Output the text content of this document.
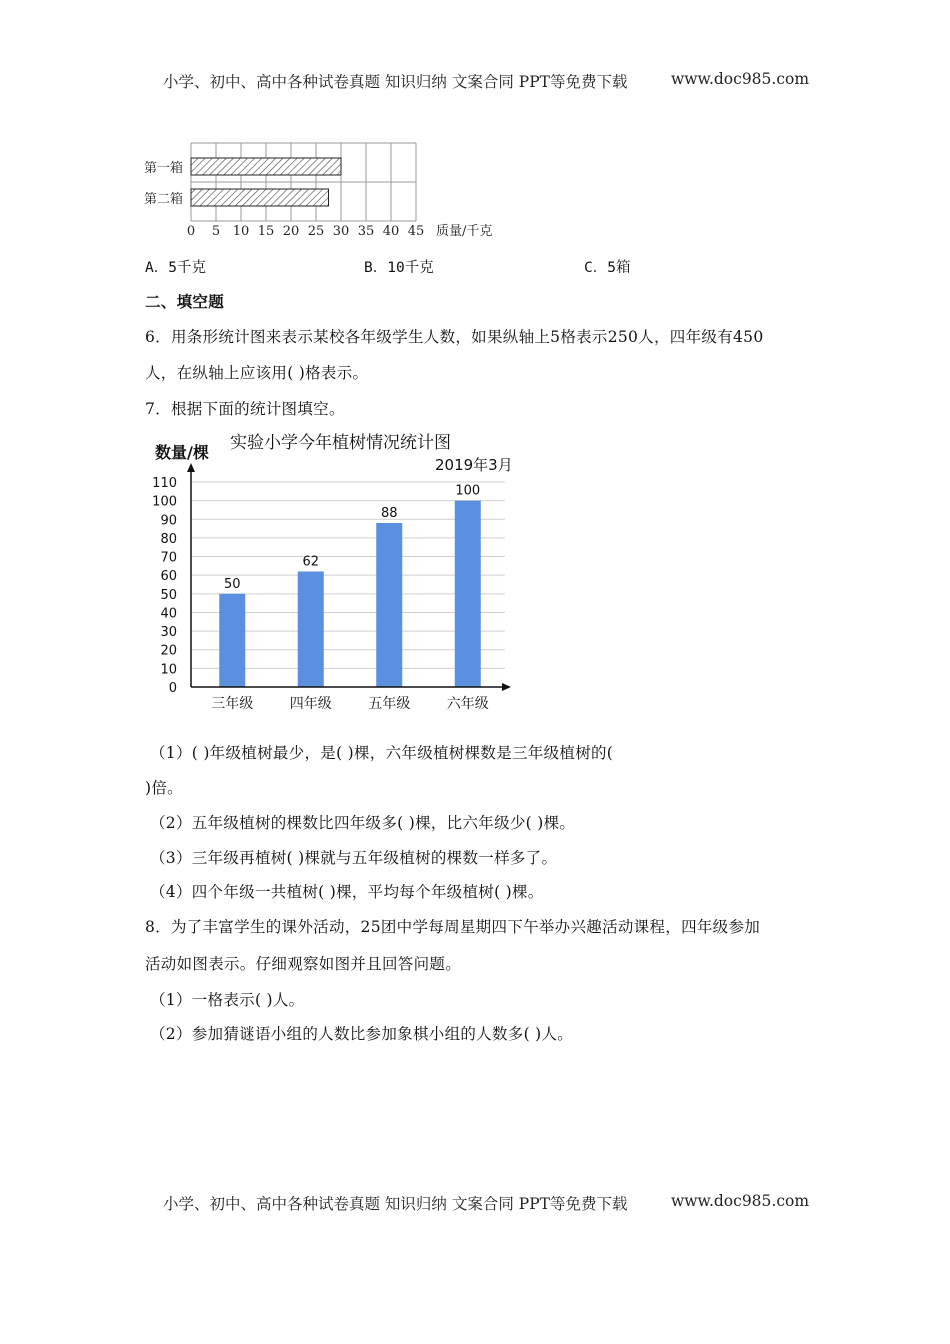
小学、初中、高中各种试卷真题 知识归纳 文案合同 PPT等免费下载	www.doc985.com
第一箱
第二箱
0 5 10 15 20 25 30 35 40 45 质量/千克
A．5千克	B．10千克	C．5箱
二、填空题
6．用条形统计图来表示某校各年级学生人数，如果纵轴上5格表示250人，四年级有450
人，在纵轴上应该用( )格表示。
7．根据下面的统计图填空。
实验小学今年植树情况统计图
数量/棵
2019年3月
50
62
88
100
0
10
20
30
40
50
60
70
80
90
100
110
三年级	四年级	五年级	六年级
（1）( )年级植树最少，是( )棵，六年级植树棵数是三年级植树的(
)倍。
（2）五年级植树的棵数比四年级多( )棵，比六年级少( )棵。
（3）三年级再植树( )棵就与五年级植树的棵数一样多了。
（4）四个年级一共植树( )棵，平均每个年级植树( )棵。
8．为了丰富学生的课外活动，25团中学每周星期四下午举办兴趣活动课程，四年级参加
活动如图表示。仔细观察如图并且回答问题。
（1）一格表示( )人。
（2）参加猜谜语小组的人数比参加象棋小组的人数多( )人。
小学、初中、高中各种试卷真题 知识归纳 文案合同 PPT等免费下载	www.doc985.com
